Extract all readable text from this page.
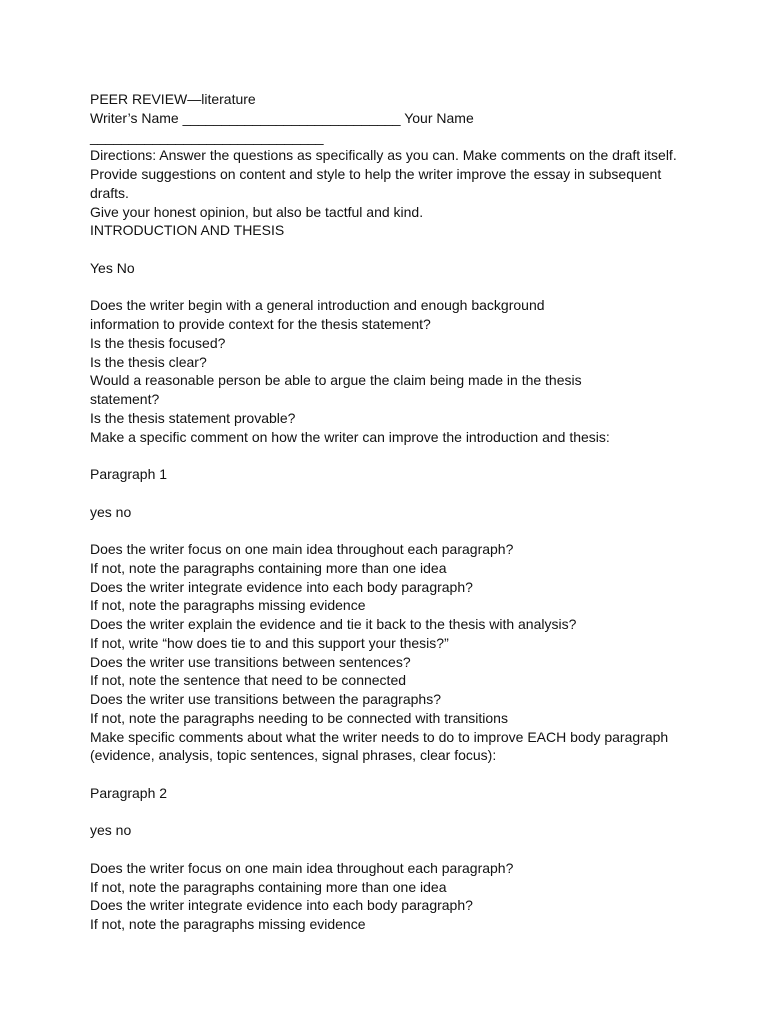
PEER REVIEW—literature
Writer’s Name ____________________________ Your Name
______________________________
Directions: Answer the questions as specifically as you can. Make comments on the draft itself.
Provide suggestions on content and style to help the writer improve the essay in subsequent
drafts.
Give your honest opinion, but also be tactful and kind.
INTRODUCTION AND THESIS
Yes No
Does the writer begin with a general introduction and enough background
information to provide context for the thesis statement?
Is the thesis focused?
Is the thesis clear?
Would a reasonable person be able to argue the claim being made in the thesis
statement?
Is the thesis statement provable?
Make a specific comment on how the writer can improve the introduction and thesis:
Paragraph 1
yes no
Does the writer focus on one main idea throughout each paragraph?
If not, note the paragraphs containing more than one idea
Does the writer integrate evidence into each body paragraph?
If not, note the paragraphs missing evidence
Does the writer explain the evidence and tie it back to the thesis with analysis?
If not, write “how does tie to and this support your thesis?”
Does the writer use transitions between sentences?
If not, note the sentence that need to be connected
Does the writer use transitions between the paragraphs?
If not, note the paragraphs needing to be connected with transitions
Make specific comments about what the writer needs to do to improve EACH body paragraph
(evidence, analysis, topic sentences, signal phrases, clear focus):
Paragraph 2
yes no
Does the writer focus on one main idea throughout each paragraph?
If not, note the paragraphs containing more than one idea
Does the writer integrate evidence into each body paragraph?
If not, note the paragraphs missing evidence
